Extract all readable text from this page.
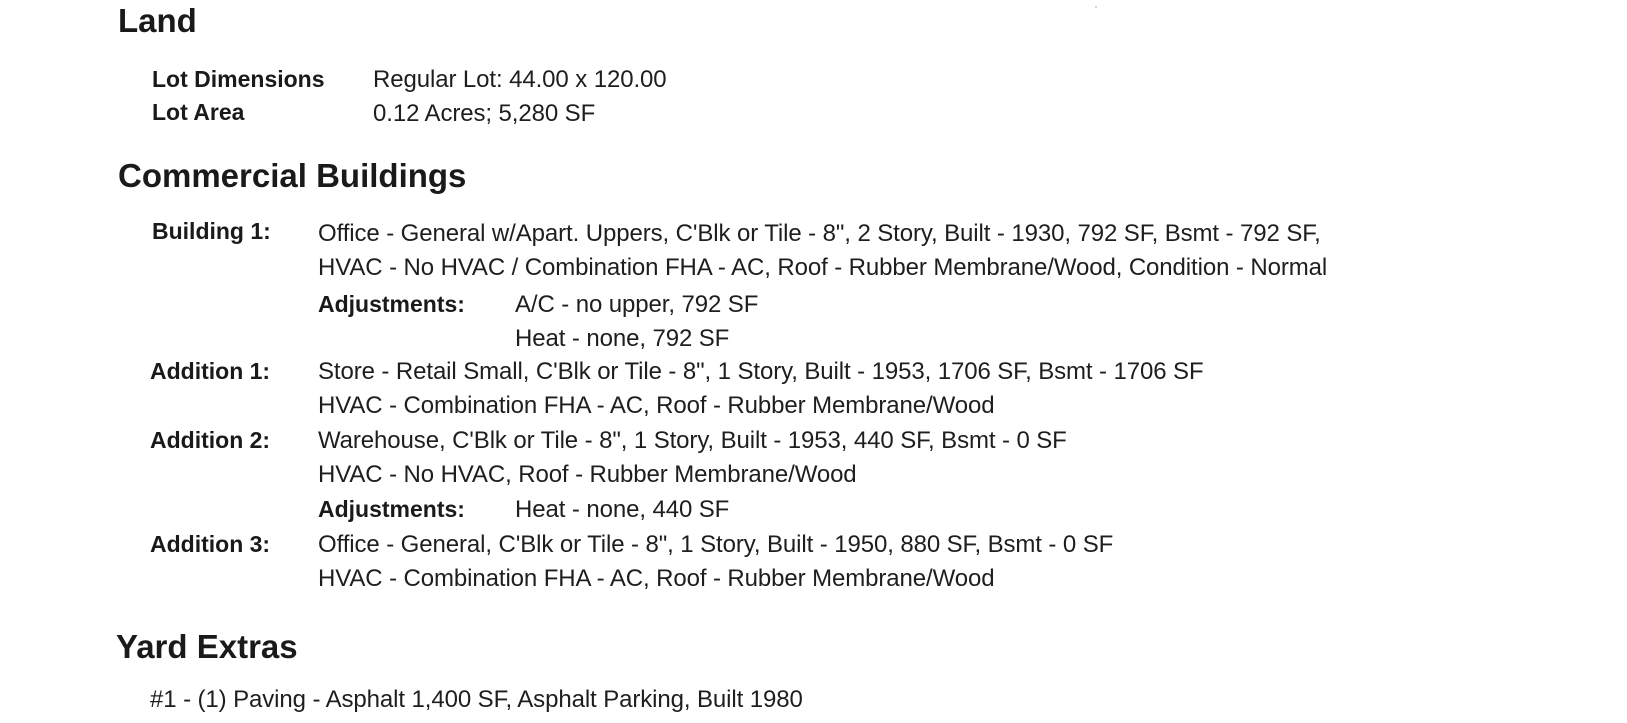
Land
Lot Dimensions Regular Lot: 44.00 x 120.00
Lot Area	0.12 Acres; 5,280 SF
Commercial Buildings
Building 1: Office - General w/Apart. Uppers, C'Blk or Tile - 8", 2 Story, Built - 1930, 792 SF, Bsmt - 792 SF,
HVAC - No HVAC / Combination FHA - AC, Roof - Rubber Membrane/Wood, Condition - Normal
Adjustments: A/C - no upper, 792 SF
Heat - none, 792 SF
Addition 1: Store - Retail Small, C'Blk or Tile - 8", 1 Story, Built - 1953, 1706 SF, Bsmt - 1706 SF
HVAC - Combination FHA - AC, Roof - Rubber Membrane/Wood
Addition 2: Warehouse, C'Blk or Tile - 8", 1 Story, Built - 1953, 440 SF, Bsmt - 0 SF
HVAC - No HVAC, Roof - Rubber Membrane/Wood
Adjustments: Heat - none, 440 SF
Addition 3: Office - General, C'Blk or Tile - 8", 1 Story, Built - 1950, 880 SF, Bsmt - 0 SF
HVAC - Combination FHA - AC, Roof - Rubber Membrane/Wood
Yard Extras
#1 - (1) Paving - Asphalt 1,400 SF, Asphalt Parking, Built 1980
